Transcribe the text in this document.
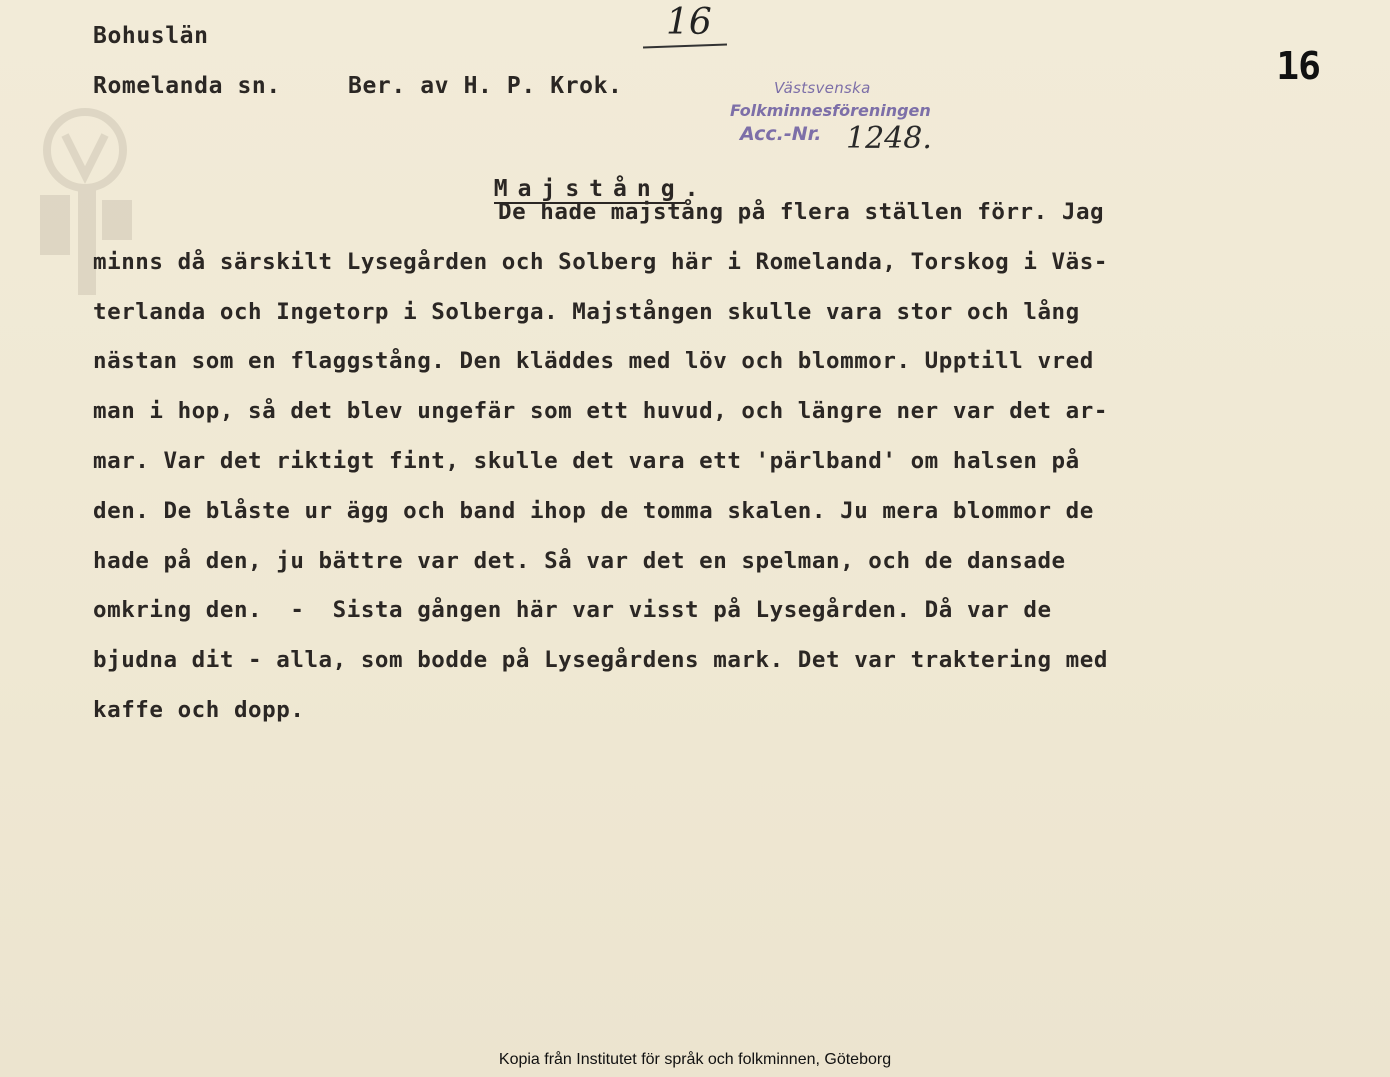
Bohuslän
Romelanda sn.	Ber. av H. P. Krok.
16
16
Västsvenska
Folkminnesföreningen
Acc.-Nr. 1248.

Majstång.

De hade majstång på flera ställen förr. Jag
minns då särskilt Lysegården och Solberg här i Romelanda, Torskog i Väs-
terlanda och Ingetorp i Solberga. Majstången skulle vara stor och lång
nästan som en flaggstång. Den kläddes med löv och blommor. Upptill vred
man i hop, så det blev ungefär som ett huvud, och längre ner var det ar-
mar. Var det riktigt fint, skulle det vara ett 'pärlband' om halsen på
den. De blåste ur ägg och band ihop de tomma skalen. Ju mera blommor de
hade på den, ju bättre var det. Så var det en spelman, och de dansade
omkring den.  -  Sista gången här var visst på Lysegården. Då var de
bjudna dit - alla, som bodde på Lysegårdens mark. Det var traktering med
kaffe och dopp.
Kopia från Institutet för språk och folkminnen, Göteborg
